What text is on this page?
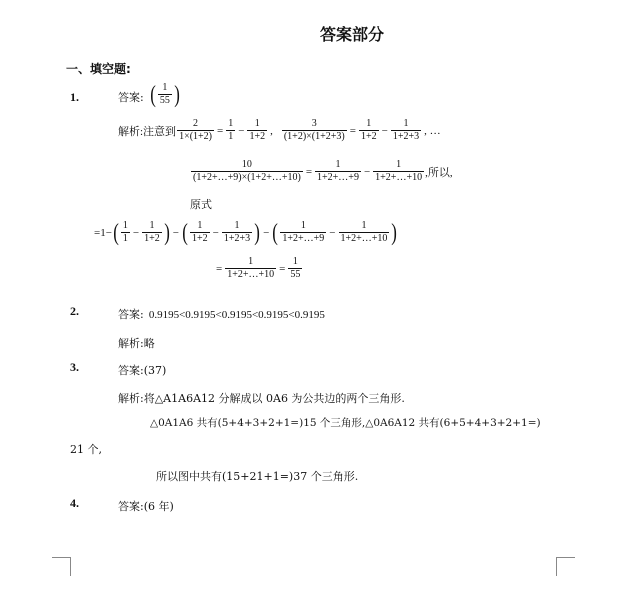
答案部分
一、填空题:
1.	答案: ( $\frac{1}{55}$ )
解析:注意到 $\frac{2}{1\times(1+2)} = \frac{1}{1} - \frac{1}{1+2}$ , $\frac{3}{(1+2)\times(1+2+3)} = \frac{1}{1+2} - \frac{1}{1+2+3}$ , …
$\frac{10}{(1+2+\dots+9)\times(1+2+\dots+10)} = \frac{1}{1+2+\dots+9} - \frac{1}{1+2+\dots+10}$ ,所以,
原式
=1− ( $\frac{1}{1} - \frac{1}{1+2}$ ) − ( $\frac{1}{1+2} - \frac{1}{1+2+3}$ ) − ( $\frac{1}{1+2+\dots+9} - \frac{1}{1+2+\dots+10}$ )
= $\frac{1}{1+2+\dots+10} = \frac{1}{55}$
2.	答案: 0.9195<0.9195<0.9195<0.9195<0.9195
解析:略
3.	答案:(37)
解析:将△A1A6A12 分解成以 0A6 为公共边的两个三角形.
△0A1A6 共有(5+4+3+2+1=)15 个三角形,△0A6A12 共有(6+5+4+3+2+1=)
21 个,
所以图中共有(15+21+1=)37 个三角形.
4.	答案:(6 年)
